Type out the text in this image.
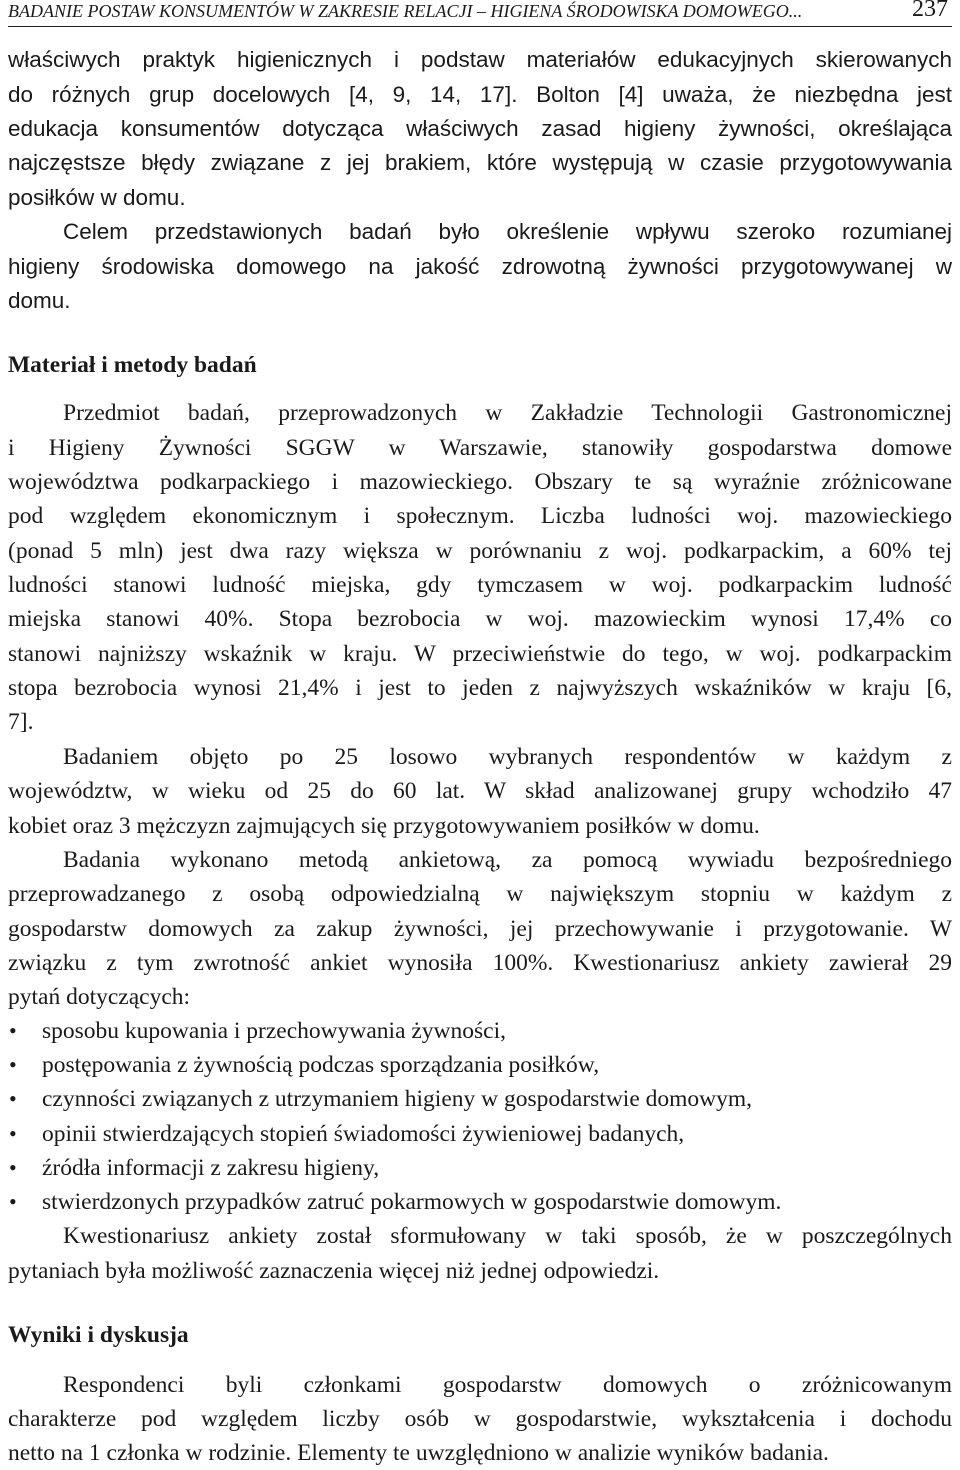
BADANIE POSTAW KONSUMENTÓW W ZAKRESIE RELACJI – HIGIENA ŚRODOWISKA DOMOWEGO...	237
właściwych praktyk higienicznych i podstaw materiałów edukacyjnych skierowanych
do różnych grup docelowych [4, 9, 14, 17]. Bolton [4] uważa, że niezbędna jest
edukacja konsumentów dotycząca właściwych zasad higieny żywności, określająca
najczęstsze błędy związane z jej brakiem, które występują w czasie przygotowywania
posiłków w domu.
Celem przedstawionych badań było określenie wpływu szeroko rozumianej
higieny środowiska domowego na jakość zdrowotną żywności przygotowywanej w
domu.
Materiał i metody badań
Przedmiot badań, przeprowadzonych w Zakładzie Technologii Gastronomicznej
i Higieny Żywności SGGW w Warszawie, stanowiły gospodarstwa domowe
województwa podkarpackiego i mazowieckiego. Obszary te są wyraźnie zróżnicowane
pod względem ekonomicznym i społecznym. Liczba ludności woj. mazowieckiego
(ponad 5 mln) jest dwa razy większa w porównaniu z woj. podkarpackim, a 60% tej
ludności stanowi ludność miejska, gdy tymczasem w woj. podkarpackim ludność
miejska stanowi 40%. Stopa bezrobocia w woj. mazowieckim wynosi 17,4% co
stanowi najniższy wskaźnik w kraju. W przeciwieństwie do tego, w woj. podkarpackim
stopa bezrobocia wynosi 21,4% i jest to jeden z najwyższych wskaźników w kraju [6,
7].
Badaniem objęto po 25 losowo wybranych respondentów w każdym z
województw, w wieku od 25 do 60 lat. W skład analizowanej grupy wchodziło 47
kobiet oraz 3 mężczyzn zajmujących się przygotowywaniem posiłków w domu.
Badania wykonano metodą ankietową, za pomocą wywiadu bezpośredniego
przeprowadzanego z osobą odpowiedzialną w największym stopniu w każdym z
gospodarstw domowych za zakup żywności, jej przechowywanie i przygotowanie. W
związku z tym zwrotność ankiet wynosiła 100%. Kwestionariusz ankiety zawierał 29
pytań dotyczących:
• sposobu kupowania i przechowywania żywności,
• postępowania z żywnością podczas sporządzania posiłków,
• czynności związanych z utrzymaniem higieny w gospodarstwie domowym,
• opinii stwierdzających stopień świadomości żywieniowej badanych,
• źródła informacji z zakresu higieny,
• stwierdzonych przypadków zatruć pokarmowych w gospodarstwie domowym.
Kwestionariusz ankiety został sformułowany w taki sposób, że w poszczególnych
pytaniach była możliwość zaznaczenia więcej niż jednej odpowiedzi.
Wyniki i dyskusja
Respondenci byli członkami gospodarstw domowych o zróżnicowanym
charakterze pod względem liczby osób w gospodarstwie, wykształcenia i dochodu
netto na 1 członka w rodzinie. Elementy te uwzględniono w analizie wyników badania.
